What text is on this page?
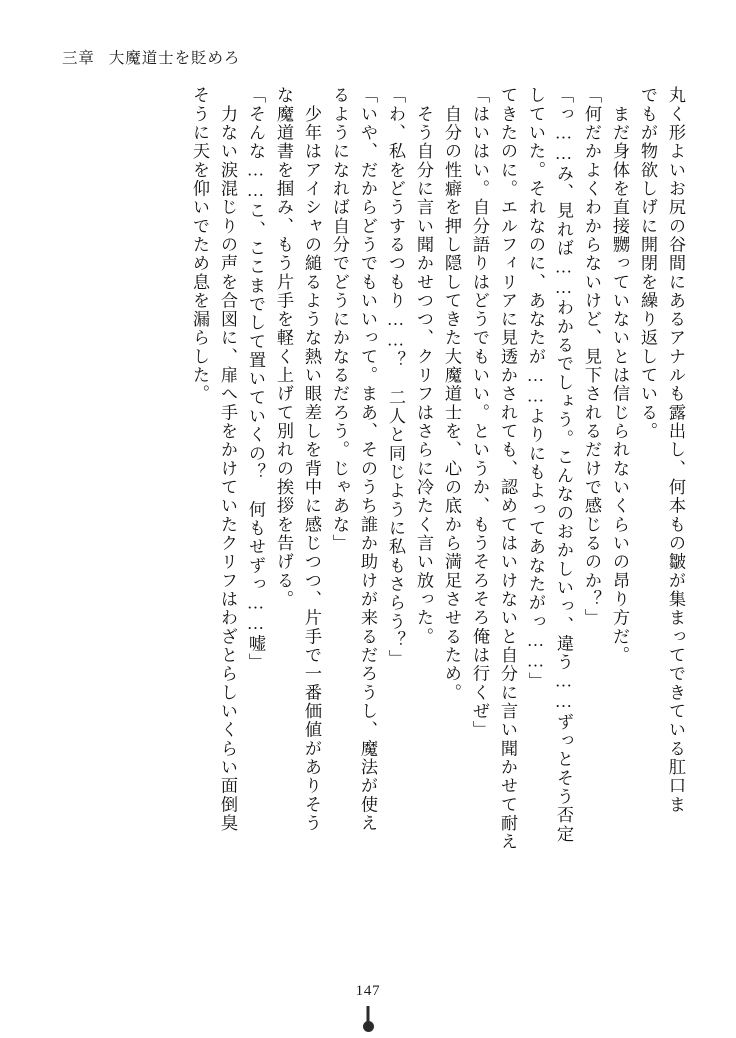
三章 大魔道士を貶めろ
丸く形よいお尻の谷間にあるアナルも露出し、何本もの皺が集まってできている肛口ま
でもが物欲しげに開閉を繰り返している。
　まだ身体を直接嬲っていないとは信じられないくらいの昂り方だ。
「何だかよくわからないけど、見下されるだけで感じるのか？」
「っ……み、見れば……わかるでしょう。こんなのおかしいっ、違う……ずっとそう否定
していた。それなのに、あなたが……よりにもよってあなたがっ……」
てきたのに。エルフィリアに見透かされても、認めてはいけないと自分に言い聞かせて耐え
「はいはい。自分語りはどうでもいい。というか、もうそろそろ俺は行くぜ」
　自分の性癖を押し隠してきた大魔道士を、心の底から満足させるため。
　そう自分に言い聞かせつつ、クリフはさらに冷たく言い放った。
「わ、私をどうするつもり……？　二人と同じように私もさらう？」
「いや、だからどうでもいいって。まあ、そのうち誰か助けが来るだろうし、魔法が使え
るようになれば自分でどうにかなるだろう。じゃあな」
　少年はアイシャの縋るような熱い眼差しを背中に感じつつ、片手で一番価値がありそう
な魔道書を掴み、もう片手を軽く上げて別れの挨拶を告げる。
「そんな……こ、ここまでして置いていくの？　何もせずっ……嘘」
　力ない涙混じりの声を合図に、扉へ手をかけていたクリフはわざとらしいくらい面倒臭
そうに天を仰いでため息を漏らした。
147
